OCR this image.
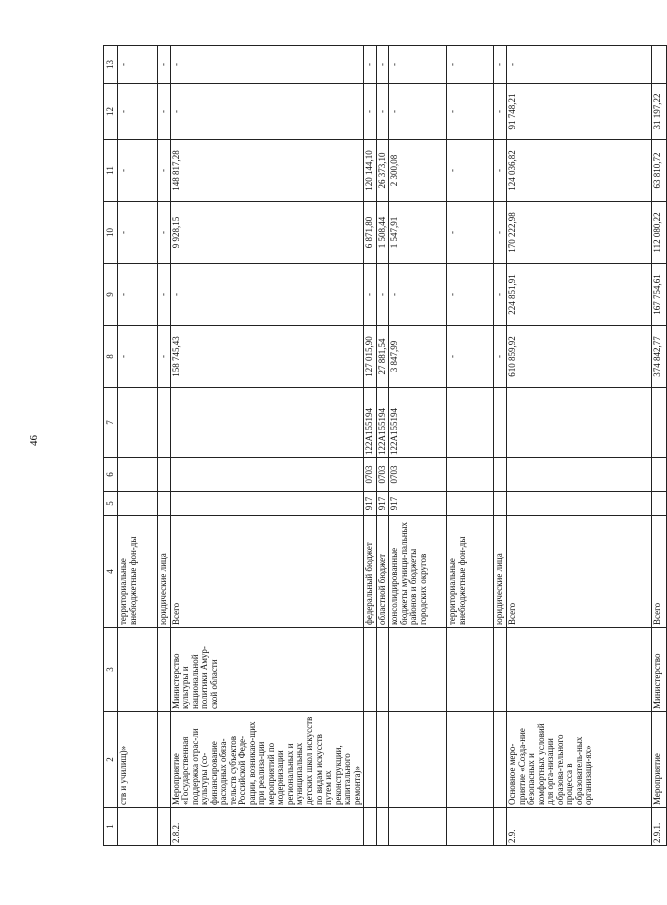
46
1	2	3	4	5	6	7	8	9	10	11	12	13
	ств и училищ)»		территориальные внебюджетные фон-ды				-	-	-	-	-	-
			юридические лица				-	-	-	-	-	-
2.8.2.	Мероприятие «Государственная поддержка отрас-ли культуры (со-финансирование расходных обяза-тельств субъектов Российской Феде-рации, возникаю-щих при реализа-ции мероприятий по модернизации региональных и муниципальных детских школ искусств по видам искусств путем их реконструкции, капитального ремонта)»	Министерство культуры и национальной политики Амур-ской области	Всего				158 745,43	-	9 928,15	148 817,28	-	-
			федеральный бюджет	917	0703	122A155194	127 015,90	-	6 871,80	120 144,10	-	-
			областной бюджет	917	0703	122A155194	27 881,54	-	1 508,44	26 373,10	-	-
			консолидированные бюджеты муници-пальных районов и бюджеты городских округов	917	0703	122A155194	3 847,99	-	1 547,91	2 300,08	-	-
			территориальные внебюджетные фон-ды				-	-	-	-	-	-
			юридические лица				-	-	-	-	-	-
2.9.	Основное меро-приятие «Созда-ние безопасных и комфортных условий для орга-низации образова-тельного процесса в образователь-ных организаци-ях»		Всего				610 859,92	224 851,91	170 222,98	124 036,82	91 748,21	-
2.9.1.	Мероприятие	Министерство	Всего				374 842,77	167 754,61	112 080,22	63 810,72	31 197,22	
